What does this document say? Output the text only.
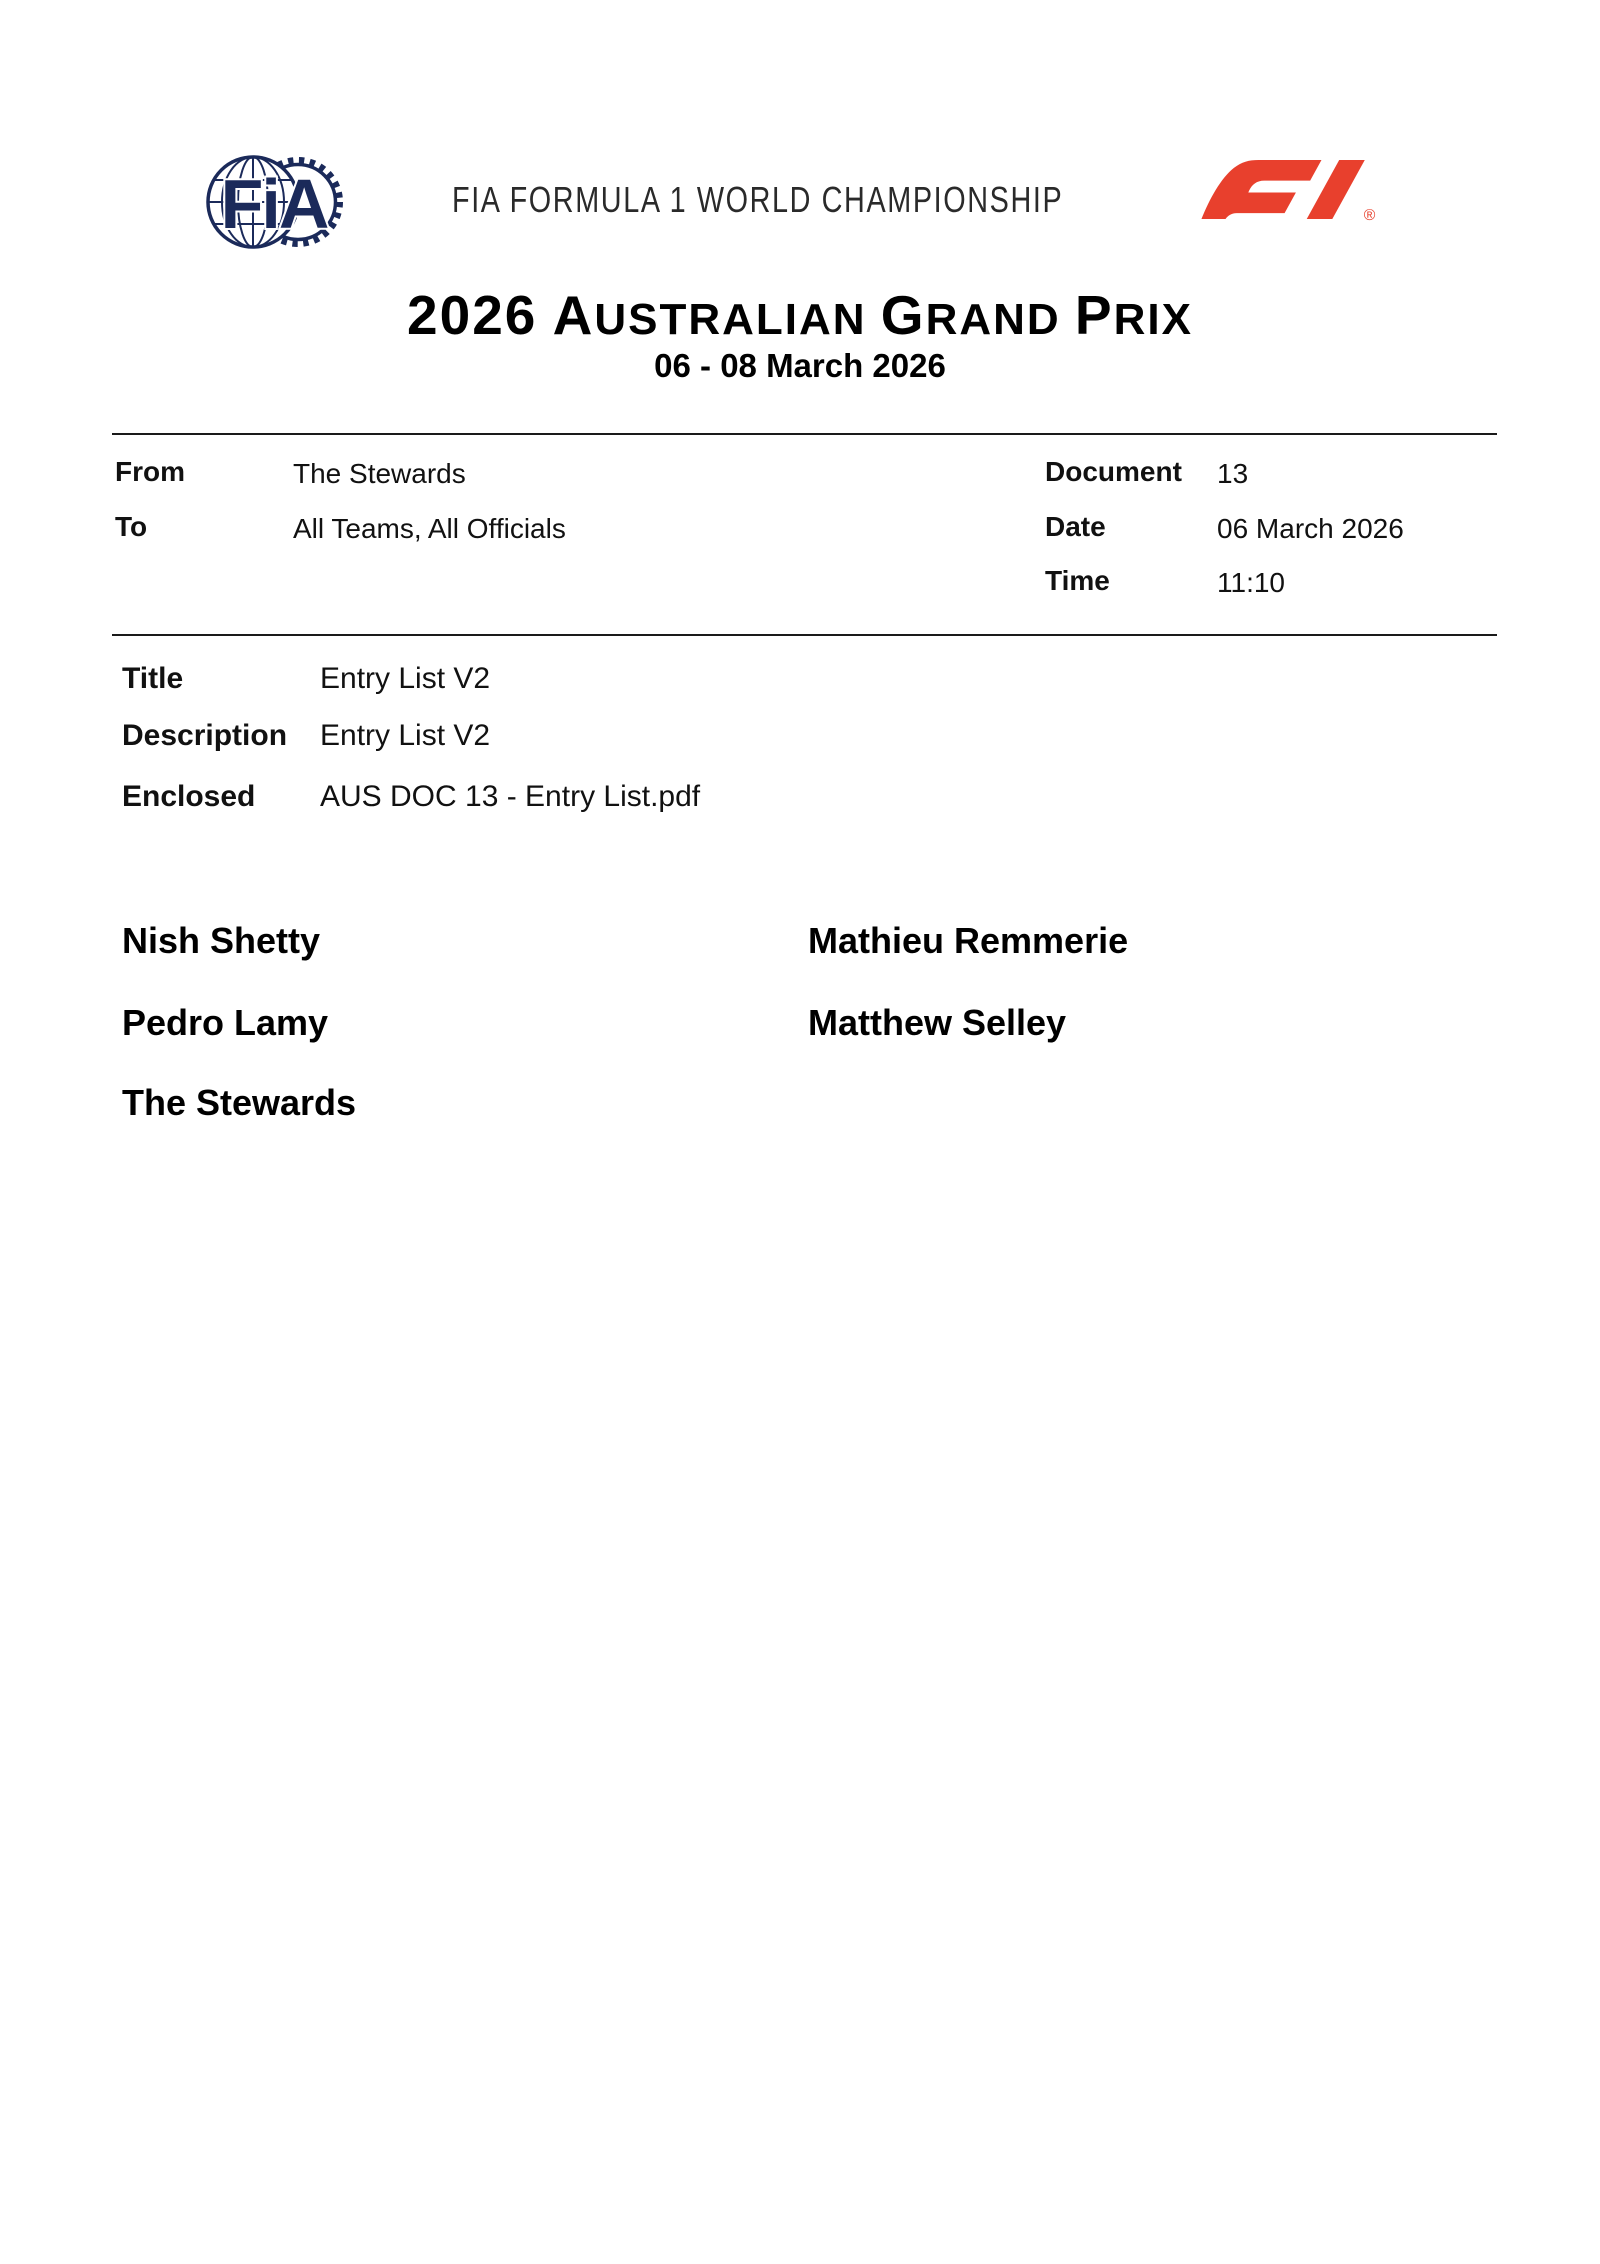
FiA	FIA FORMULA 1 WORLD CHAMPIONSHIP	®
2026 AUSTRALIAN GRAND PRIX
06 - 08 March 2026
From	The Stewards
To	All Teams, All Officials
Document 13
Date	06 March 2026
Time	11:10
Title	Entry List V2
Description Entry List V2
Enclosed AUS DOC 13 - Entry List.pdf
Nish Shetty	Mathieu Remmerie
Pedro Lamy	Matthew Selley
The Stewards
